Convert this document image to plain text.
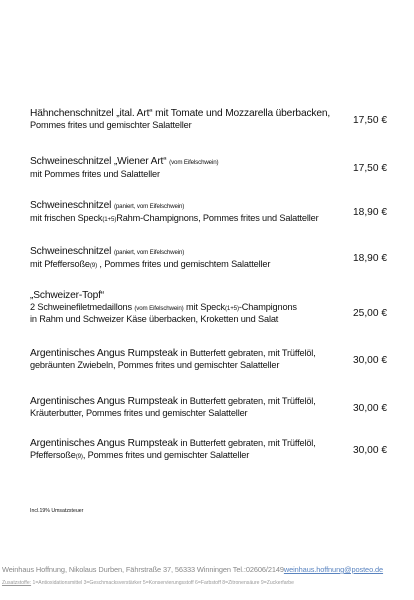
Hähnchenschnitzel „ital. Art“ mit Tomate und Mozzarella überbacken,
Pommes frites und gemischter Salatteller
Schweineschnitzel „Wiener Art“ (vom Eifelschwein)
mit Pommes frites und Salatteller
Schweineschnitzel (paniert, vom Eifelschwein)
mit frischen Speck(1+5)Rahm-Champignons, Pommes frites und Salatteller
Schweineschnitzel (paniert, vom Eifelschwein)
mit Pfeffersoße(9) , Pommes frites und gemischtem Salatteller
„Schweizer-Topf“
2 Schweinefiletmedaillons (vom Eifelschwein) mit Speck(1+5)-Champignons
in Rahm und Schweizer Käse überbacken, Kroketten und Salat
Argentinisches Angus Rumpsteak in Butterfett gebraten, mit Trüffelöl,
gebräunten Zwiebeln, Pommes frites und gemischter Salatteller
Argentinisches Angus Rumpsteak in Butterfett gebraten, mit Trüffelöl,
Kräuterbutter, Pommes frites und gemischter Salatteller
Argentinisches Angus Rumpsteak in Butterfett gebraten, mit Trüffelöl,
Pfeffersoße(9), Pommes frites und gemischter Salatteller
Incl.19% Umsatzsteuer
Weinhaus Hoffnung, Nikolaus Durben, Fährstraße 37, 56333 Winningen Tel.:02606/2149weinhaus.hoffnung@posteo.de
Zusatzstoffe: 1=Antioxidationsmittel 3=Geschmacksverstärker 5=Konservierungsstoff 6=Farbstoff 8=Zitronensäure 9=Zuckerfarbe
17,50 €
17,50 €
18,90 €
18,90 €
25,00 €
30,00 €
30,00 €
30,00 €
